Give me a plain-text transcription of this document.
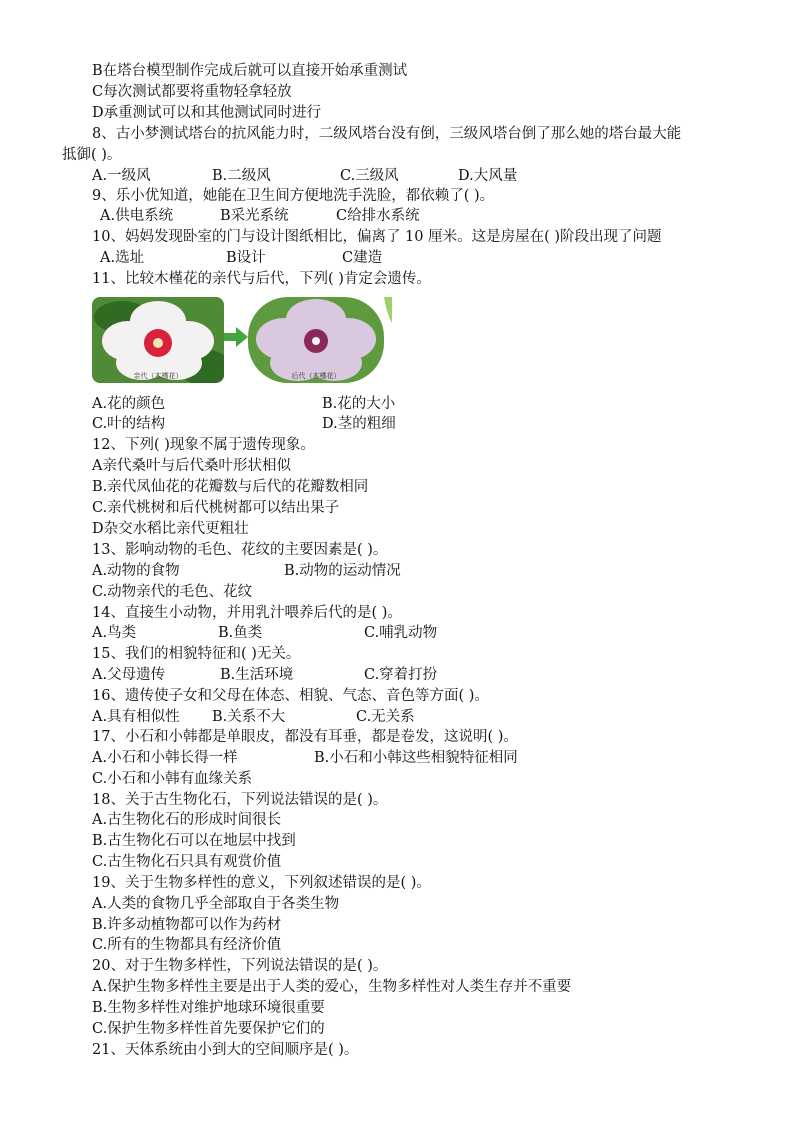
B在塔台模型制作完成后就可以直接开始承重测试
C每次测试都要将重物轻拿轻放
D承重测试可以和其他测试同时进行
8、古小梦测试塔台的抗风能力时，二级风塔台没有倒，三级风塔台倒了那么她的塔台最大能
抵御( )。
A.一级风	B.二级风	C.三级风	D.大风量
9、乐小优知道，她能在卫生间方便地洗手洗脸，都依赖了( )。
A.供电系统	B采光系统	C给排水系统
10、妈妈发现卧室的门与设计图纸相比，偏离了 10 厘米。这是房屋在( )阶段出现了问题
A.选址	B设计	C建造
11、比较木槿花的亲代与后代，下列( )肯定会遗传。
亲代（木槿花）	后代（木槿花）
A.花的颜色	B.花的大小
C.叶的结构	D.茎的粗细
12、下列( )现象不属于遗传现象。
A亲代桑叶与后代桑叶形状相似
B.亲代凤仙花的花瓣数与后代的花瓣数相同
C.亲代桃树和后代桃树都可以结出果子
D杂交水稻比亲代更粗壮
13、影响动物的毛色、花纹的主要因素是( )。
A.动物的食物	B.动物的运动情况
C.动物亲代的毛色、花纹
14、直接生小动物，并用乳汁喂养后代的是( )。
A.鸟类	B.鱼类	C.哺乳动物
15、我们的相貌特征和( )无关。
A.父母遗传	B.生活环境	C.穿着打扮
16、遗传使子女和父母在体态、相貌、气态、音色等方面( )。
A.具有相似性 B.关系不大	C.无关系
17、小石和小韩都是单眼皮，都没有耳垂，都是卷发，这说明( )。
A.小石和小韩长得一样	B.小石和小韩这些相貌特征相同
C.小石和小韩有血缘关系
18、关于古生物化石，下列说法错误的是( )。
A.古生物化石的形成时间很长
B.古生物化石可以在地层中找到
C.古生物化石只具有观赏价值
19、关于生物多样性的意义，下列叙述错误的是( )。
A.人类的食物几乎全部取自于各类生物
B.许多动植物都可以作为药材
C.所有的生物都具有经济价值
20、对于生物多样性，下列说法错误的是( )。
A.保护生物多样性主要是出于人类的爱心，生物多样性对人类生存并不重要
B.生物多样性对维护地球环境很重要
C.保护生物多样性首先要保护它们的
21、天体系统由小到大的空间顺序是( )。
